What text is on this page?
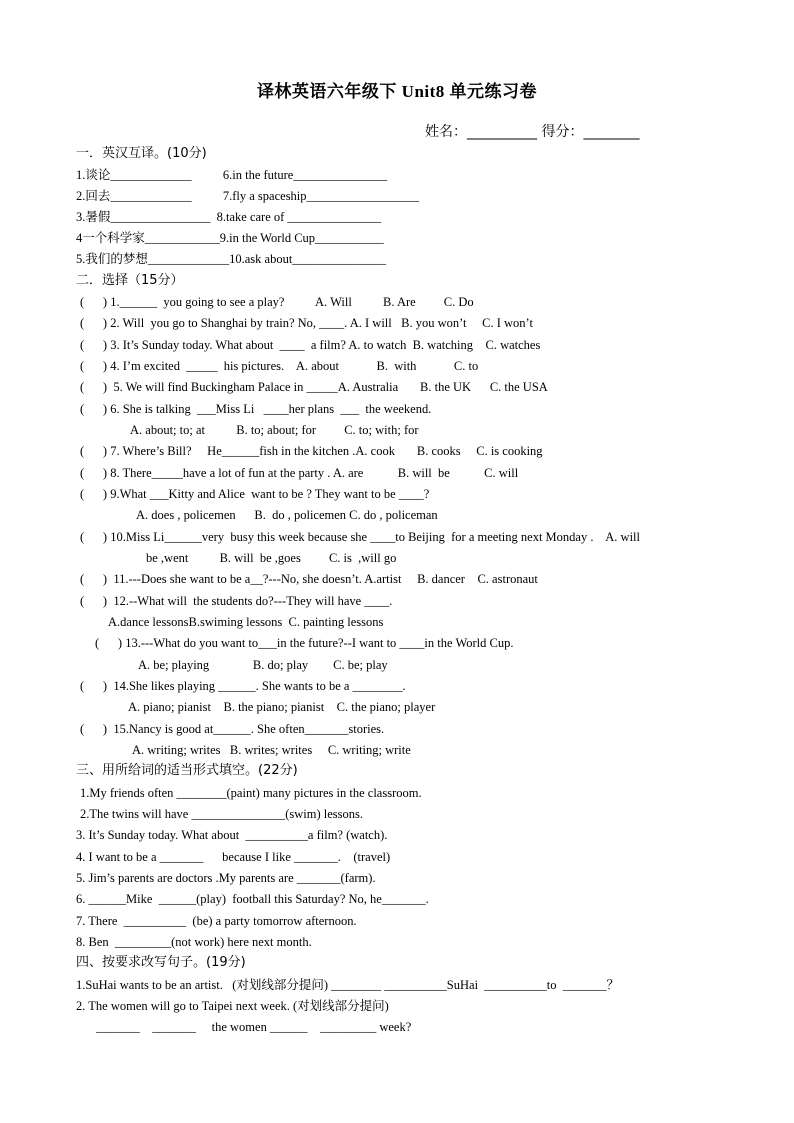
译林英语六年级下 Unit8 单元练习卷
姓名：__________ 得分：________
一．英汉互译。(10分)
1.谈论_____________          6.in the future_______________
2.回去_____________          7.fly a spaceship__________________
3.暑假________________  8.take care of _______________
4一个科学家____________9.in the World Cup___________
5.我们的梦想_____________10.ask about_______________
二．选择（15分）
(      ) 1.______  you going to see a play?          A. Will          B. Are         C. Do
(      ) 2. Will  you go to Shanghai by train? No, ____. A. I will   B. you won’t     C. I won’t
(      ) 3. It’s Sunday today. What about  ____  a film? A. to watch  B. watching    C. watches
(      ) 4. I’m excited  _____  his pictures.    A. about            B.  with            C. to
(      )  5. We will find Buckingham Palace in _____A. Australia       B. the UK      C. the USA
(      ) 6. She is talking  ___Miss Li   ____her plans  ___  the weekend.
A. about; to; at          B. to; about; for         C. to; with; for
(      ) 7. Where’s Bill?     He______fish in the kitchen .A. cook       B. cooks     C. is cooking
(      ) 8. There_____have a lot of fun at the party . A. are           B. will  be           C. will
(      ) 9.What ___Kitty and Alice  want to be ? They want to be ____?
A. does , policemen      B.  do , policemen C. do , policeman
(      ) 10.Miss Li______very  busy this week because she ____to Beijing  for a meeting next Monday .    A. will
be ,went          B. will  be ,goes         C. is  ,will go
(      )  11.---Does she want to be a__?---No, she doesn’t. A.artist     B. dancer    C. astronaut
(      )  12.--What will  the students do?---They will have ____.
A.dance lessonsB.swiming lessons  C. painting lessons
(      ) 13.---What do you want to___in the future?--I want to ____in the World Cup.
A. be; playing              B. do; play        C. be; play
(      )  14.She likes playing ______. She wants to be a ________.
A. piano; pianist    B. the piano; pianist    C. the piano; player
(      )  15.Nancy is good at______. She often_______stories.
A. writing; writes   B. writes; writes     C. writing; write
三、用所给词的适当形式填空。(22分)
1.My friends often ________(paint) many pictures in the classroom.
2.The twins will have _______________(swim) lessons.
3. It’s Sunday today. What about  __________a film? (watch).
4. I want to be a _______      because I like _______.    (travel)
5. Jim’s parents are doctors .My parents are _______(farm).
6. ______Mike  ______(play)  football this Saturday? No, he_______.
7. There  __________  (be) a party tomorrow afternoon.
8. Ben  _________(not work) here next month.
四、按要求改写句子。(19分)
1.SuHai wants to be an artist.   (对划线部分提问) ________ __________SuHai  __________to  _______？
2. The women will go to Taipei next week. (对划线部分提问)
_______    _______     the women ______    _________ week?
